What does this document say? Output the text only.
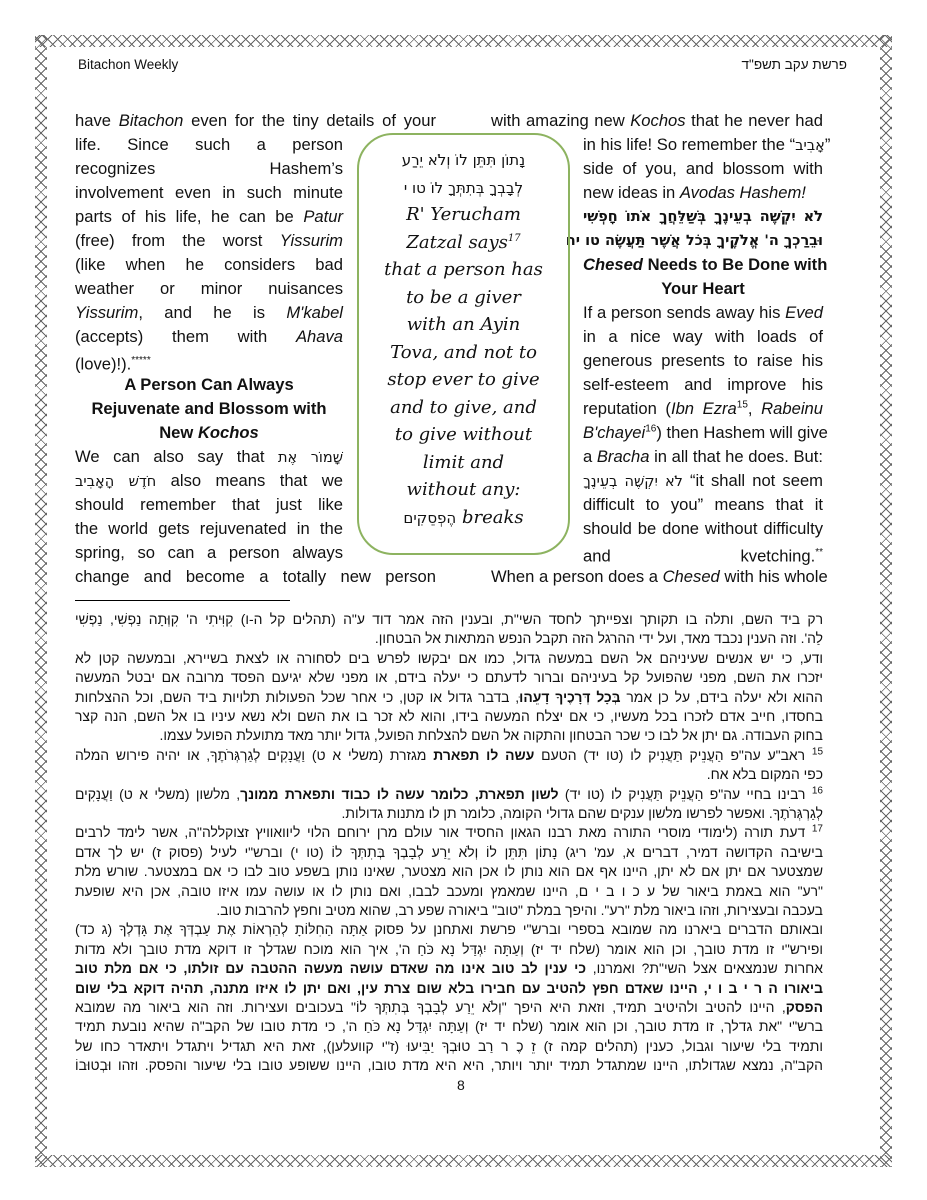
Bitachon Weekly	פרשת עקב תשפ"ד
have Bitachon even for the tiny details of your
life. Since such a person
recognizes Hashem’s
involvement even in such minute
parts of his life, he can be Patur
(free) from the worst Yissurim
(like when he considers bad
weather or minor nuisances
Yissurim, and he is M'kabel
(accepts) them with Ahava
(love)!).*****
A Person Can Always
Rejuvenate and Blossom with
New Kochos
We can also say that שָׁמוֹר אֶת
חֹדֶשׁ הָאָבִיב also means that we
should remember that just like
the world gets rejuvenated in the
spring, so can a person always
change and become a totally new person
with amazing new Kochos that he never had
in his life! So remember the “אָבִיב”
side of you, and blossom with
new ideas in Avodas Hashem!
לֹא יִקְשֶׁה בְעֵינֶךָ בְּשַׁלֵּחֲךָ אֹתוֹ חָפְשִׁי
וּבֵרַכְךָ ה' אֱלֹקֶיךָ בְּכֹל אֲשֶׁר תַּעֲשֶׂה טו יח
Chesed Needs to Be Done with
Your Heart
If a person sends away his Eved
in a nice way with loads of
generous presents to raise his
self-esteem and improve his
reputation (Ibn Ezra$^{15}$, Rabeinu
B'chayei$^{16}$) then Hashem will give
a Bracha in all that he does. But:
לֹא יִקְשֶׁה בְעֵינֶךָ “it shall not seem
difficult to you” means that it
should be done without difficulty
and kvetching.**
When a person does a Chesed with his whole
נָתוֹן תִּתֵּן לוֹ וְלֹא יֵרַע
לְבָבְךָ בְּתִתְּךָ לוֹ טו י
R' Yerucham
Zatzal says$^{17}$
that a person has
to be a giver
with an Ayin
Tova, and not to
stop ever to give
and to give, and
to give without
limit and
without any:
הֶפְסֵקִים breaks
רק ביד השם, ותלה בו תקותך וצפייתך לחסד השי"ת, ובענין הזה אמר דוד ע"ה (תהלים קל ה-ו) קִוִּיתִי ה' קִוְּתָה נַפְשִׁי, נַפְשִׁי
לַה'. וזה הענין נכבד מאד, ועל ידי ההרגל הזה תקבל הנפש המתאות אל הבטחון.
ודע, כי יש אנשים שעיניהם אל השם במעשה גדול, כמו אם יבקשו לפרש בים לסחורה או לצאת בשיירא, ובמעשה קטן לא
יזכרו את השם, מפני שהפועל קל בעיניהם וברור לדעתם כי יעלה בידם, או מפני שלא יגיעם הפסד מרובה אם יבטל המעשה
ההוא ולא יעלה בידם, על כן אמר בְּכָל דְּרָכֶיךָ דָעֵהוּ, בדבר גדול או קטן, כי אחר שכל הפעולות תלויות ביד השם, וכל ההצלחות
בחסדו, חייב אדם לזכרו בכל מעשיו, כי אם יצלח המעשה בידו, והוא לא זכר בו את השם ולא נשא עיניו בו אל השם, הנה קצר
בחוק העבודה. גם יתן אל לבו כי שכר הבטחון והתקוה אל השם להצלחת הפועל, גדול יותר מאד מתועלת הפועל עצמו.
$^{15}$ ראב"ע עה"פ הַעֲנֵיק תַּעֲנִיק לו (טו יד) הטעם עשה לו תפארת מגזרת (משלי א ט) וַעֲנָקִים לְגַרְגְּרֹתֶךָ, או יהיה פירוש המלה
כפי המקום בלא אח.
$^{16}$ רבינו בחיי עה"פ הַעֲנֵיק תַּעֲנִיק לו (טו יד) לשון תפארת, כלומר עשה לו כבוד ותפארת ממונך, מלשון (משלי א ט) וַעֲנָקִים
לְגַרְגְּרֹתֶךָ. ואפשר לפרשו מלשון ענקים שהם גדולי הקומה, כלומר תן לו מתנות גדולות.
$^{17}$ דעת תורה (לימודי מוסרי התורה מאת רבנו הגאון החסיד אור עולם מרן ירוחם הלוי ליוואוויץ זצוקללה"ה, אשר לימד לרבים
בישיבה הקדושה דמיר, דברים א, עמ' ריג) נָתוֹן תִּתֵּן לוֹ וְלֹא יֵרַע לְבָבְךָ בְּתִתְּךָ לוֹ (טו י) וברש"י לעיל (פסוק ז) יש לך אדם
שמצטער אם יתן אם לא יתן, היינו אף אם הוא נותן לו אכן הוא מצטער, שאינו נותן בשפע טוב לבו כי אם במצטער. שורש מלת
"רע" הוא באמת ביאור של ע כ ו ב י ם, היינו שמאמץ ומעכב לבבו, ואם נותן לו או עושה עמו איזו טובה, אכן היא שופעת
בעכבה ובעצירות, וזהו ביאור מלת "רע". והיפך במלת "טוב" ביאורה שפע רב, שהוא מטיב וחפץ להרבות טוב.
ובאותם הדברים ביארנו מה שמובא בספרי וברש"י פרשת ואתחנן על פסוק אַתָּה הַחִלּוֹתָ לְהַרְאוֹת אֶת עַבְדְּךָ אֶת גָּדְלְךָ (ג כד)
ופירש"י זו מדת טובך, וכן הוא אומר (שלח יד יז) וְעַתָּה יִגְדַּל נָא כֹּחַ ה', איך הוא מוכח שגדלך זו דוקא מדת טובך ולא מדות
אחרות שנמצאים אצל השי"ת? ואמרנו, כי ענין לב טוב אינו מה שאדם עושה מעשה ההטבה עם זולתו, כי אם מלת טוב
ביאורו ה ר י ב ו י, היינו שאדם חפץ להטיב עם חבירו בלא שום צרת עין, ואם יתן לו איזו מתנה, תהיה דוקא בלי שום
הפסק, היינו להטיב ולהיטיב תמיד, וזאת היא היפך "וְלֹא יֵרַע לְבָבְךָ בְּתִתְּךָ לוֹ" בעכובים ועצירות. וזה הוא ביאור מה שמובא
ברש"י "את גדלך, זו מדת טובך, וכן הוא אומר (שלח יד יז) וְעַתָּה יִגְדַּל נָא כֹּחַ ה', כי מדת טובו של הקב"ה שהיא נובעת תמיד
ותמיד בלי שיעור וגבול, כענין (תהלים קמה ז) זֵ כֶ ר רַב טוּבְךָ יַבִּיעוּ (ז"י קוועלען), זאת היא תגדיל ויתגדל ויתאדר כחו של
הקב"ה, נמצא שגדולתו, היינו שמתגדל תמיד יותר ויותר, היא היא מדת טובו, היינו ששופע טובו בלי שיעור והפסק. וזהו וּבְטוּבוֹ
8
